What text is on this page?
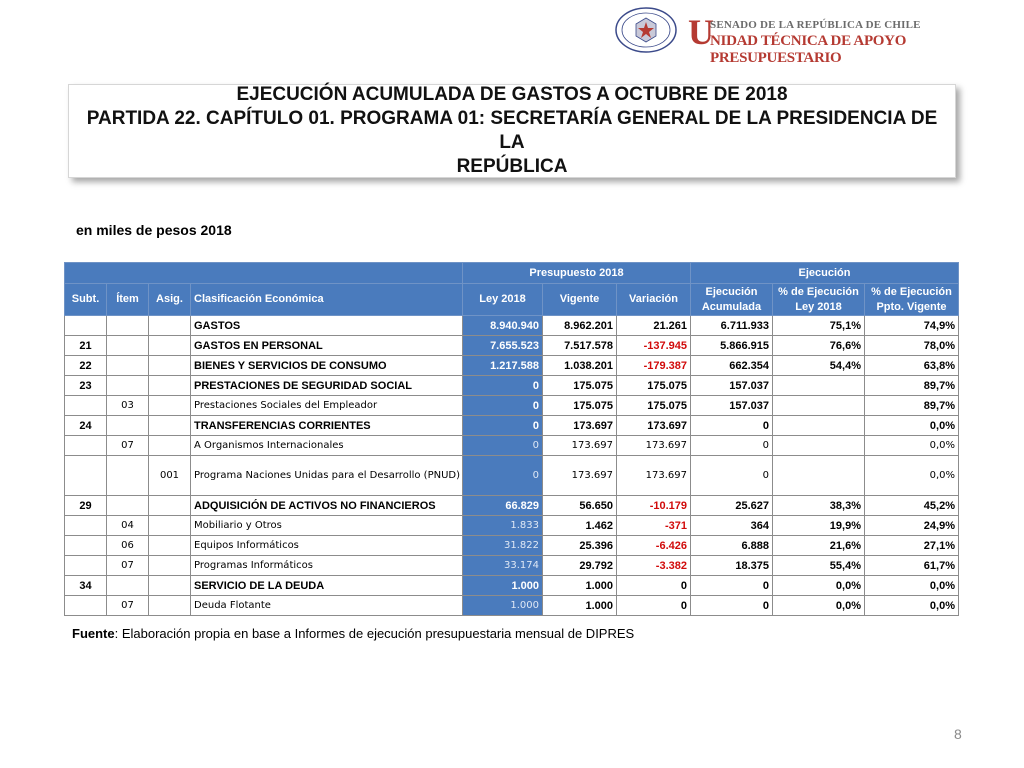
U
SENADO DE LA REPÚBLICA DE CHILE
NIDAD TÉCNICA DE APOYO PRESUPUESTARIO
EJECUCIÓN ACUMULADA DE GASTOS A OCTUBRE DE 2018
PARTIDA 22. CAPÍTULO 01. PROGRAMA 01: SECRETARÍA GENERAL DE LA PRESIDENCIA DE LA
REPÚBLICA
en miles de pesos 2018
				Presupuesto 2018			Ejecución		
Subt.	Ítem	Asig.	Clasificación Económica	Ley 2018	Vigente	Variación	Ejecución Acumulada	% de Ejecución Ley 2018	% de Ejecución Ppto. Vigente
			GASTOS	8.940.940	8.962.201	21.261	6.711.933	75,1%	74,9%
21			GASTOS EN PERSONAL	7.655.523	7.517.578	-137.945	5.866.915	76,6%	78,0%
22			BIENES Y SERVICIOS DE CONSUMO	1.217.588	1.038.201	-179.387	662.354	54,4%	63,8%
23			PRESTACIONES DE SEGURIDAD SOCIAL	0	175.075	175.075	157.037		89,7%
	03		Prestaciones Sociales del Empleador	0	175.075	175.075	157.037		89,7%
24			TRANSFERENCIAS CORRIENTES	0	173.697	173.697	0		0,0%
	07		A Organismos Internacionales	0	173.697	173.697	0		0,0%
		001	Programa Naciones Unidas para el Desarrollo (PNUD)	0	173.697	173.697	0		0,0%
29			ADQUISICIÓN DE ACTIVOS NO FINANCIEROS	66.829	56.650	-10.179	25.627	38,3%	45,2%
	04		Mobiliario y Otros	1.833	1.462	-371	364	19,9%	24,9%
	06		Equipos Informáticos	31.822	25.396	-6.426	6.888	21,6%	27,1%
	07		Programas Informáticos	33.174	29.792	-3.382	18.375	55,4%	61,7%
34			SERVICIO DE LA DEUDA	1.000	1.000	0	0	0,0%	0,0%
	07		Deuda Flotante	1.000	1.000	0	0	0,0%	0,0%
Fuente: Elaboración propia en base a Informes de ejecución presupuestaria mensual de DIPRES
8
